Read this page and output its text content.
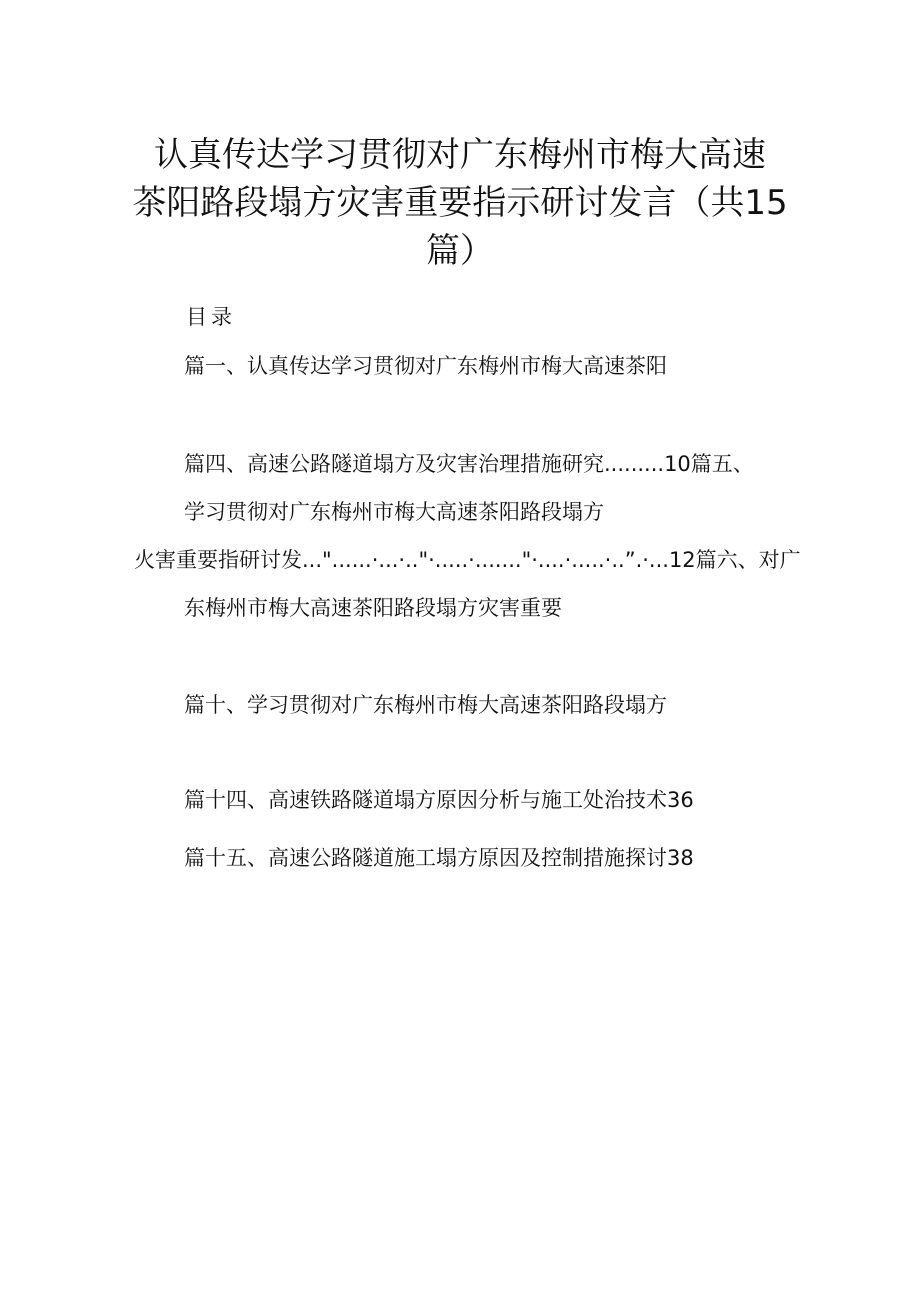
认真传达学习贯彻对广东梅州市梅大高速
茶阳路段塌方灾害重要指示研讨发言（共15
篇）
目录
篇一、认真传达学习贯彻对广东梅州市梅大高速茶阳
篇四、高速公路隧道塌方及灾害治理措施研究.........10篇五、
学习贯彻对广东梅州市梅大高速茶阳路段塌方
火害重要指研讨发..."......·...·.."·.....·......."·....·.....·..”.·...12篇六、对广
东梅州市梅大高速茶阳路段塌方灾害重要
篇十、学习贯彻对广东梅州市梅大高速茶阳路段塌方
篇十四、高速铁路隧道塌方原因分析与施工处治技术36
篇十五、高速公路隧道施工塌方原因及控制措施探讨38
